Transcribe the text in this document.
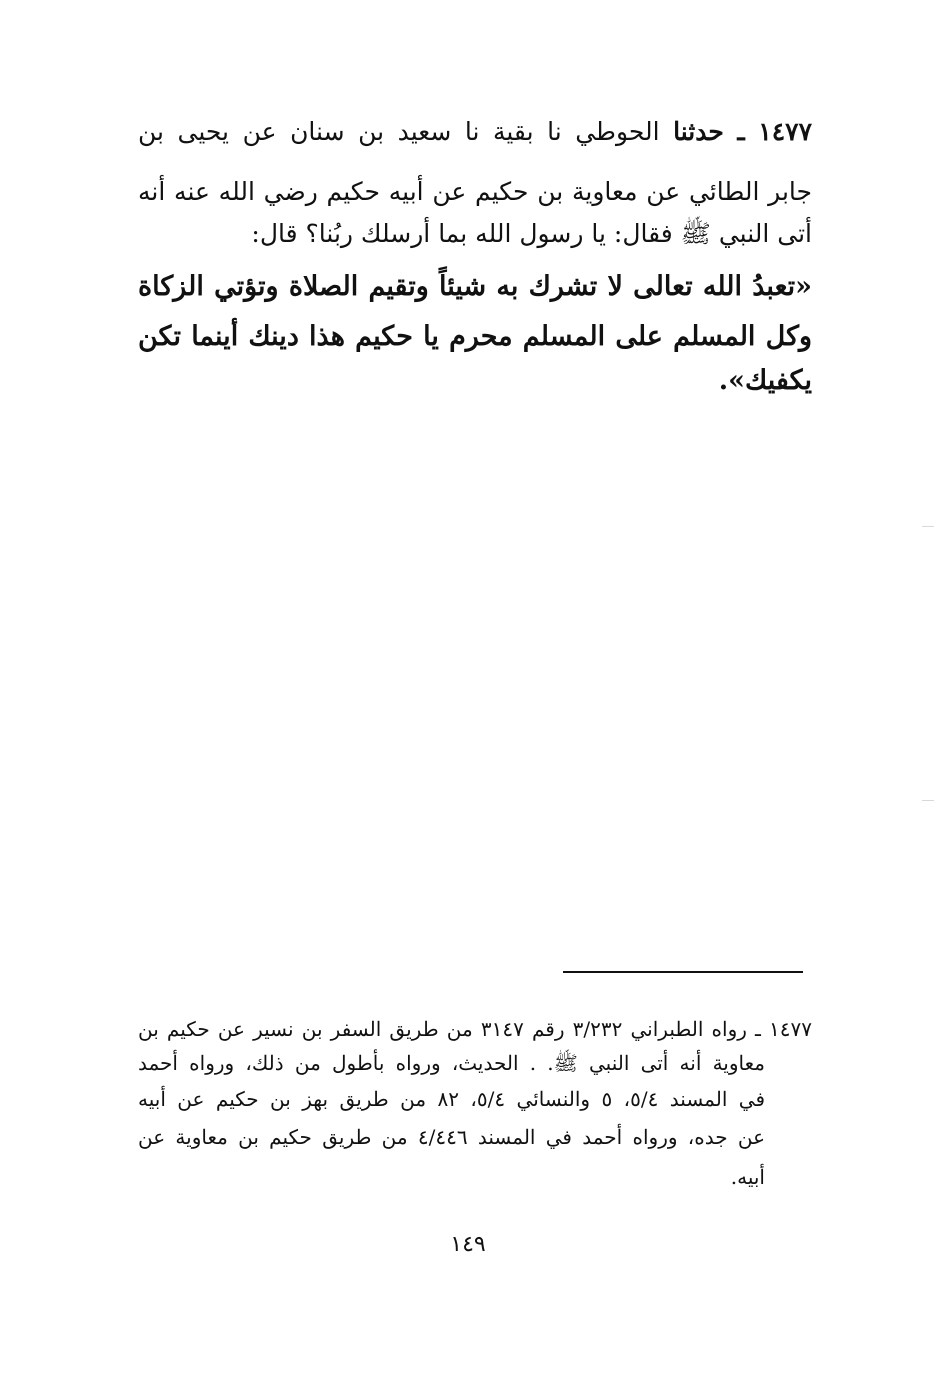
١٤٧٧ ـ حدثنا الحوطي نا بقية نا سعيد بن سنان عن يحيى بن
جابر الطائي عن معاوية بن حكيم عن أبيه حكيم رضي الله عنه أنه
أتى النبي ﷺ فقال: يا رسول الله بما أرسلك ربُنا؟ قال:
«تعبدُ الله تعالى لا تشرك به شيئاً وتقيم الصلاة وتؤتي الزكاة
وكل المسلم على المسلم محرم يا حكيم هذا دينك أينما تكن
يكفيك».
١٤٧٧ ـ رواه الطبراني ٣/٢٣٢ رقم ٣١٤٧ من طريق السفر بن نسير عن حكيم بن
معاوية أنه أتى النبي ﷺ. . الحديث، ورواه بأطول من ذلك، ورواه أحمد
في المسند ٥/٤، ٥ والنسائي ٥/٤، ٨٢ من طريق بهز بن حكيم عن أبيه
عن جده، ورواه أحمد في المسند ٤/٤٤٦ من طريق حكيم بن معاوية عن
أبيه.
١٤٩
